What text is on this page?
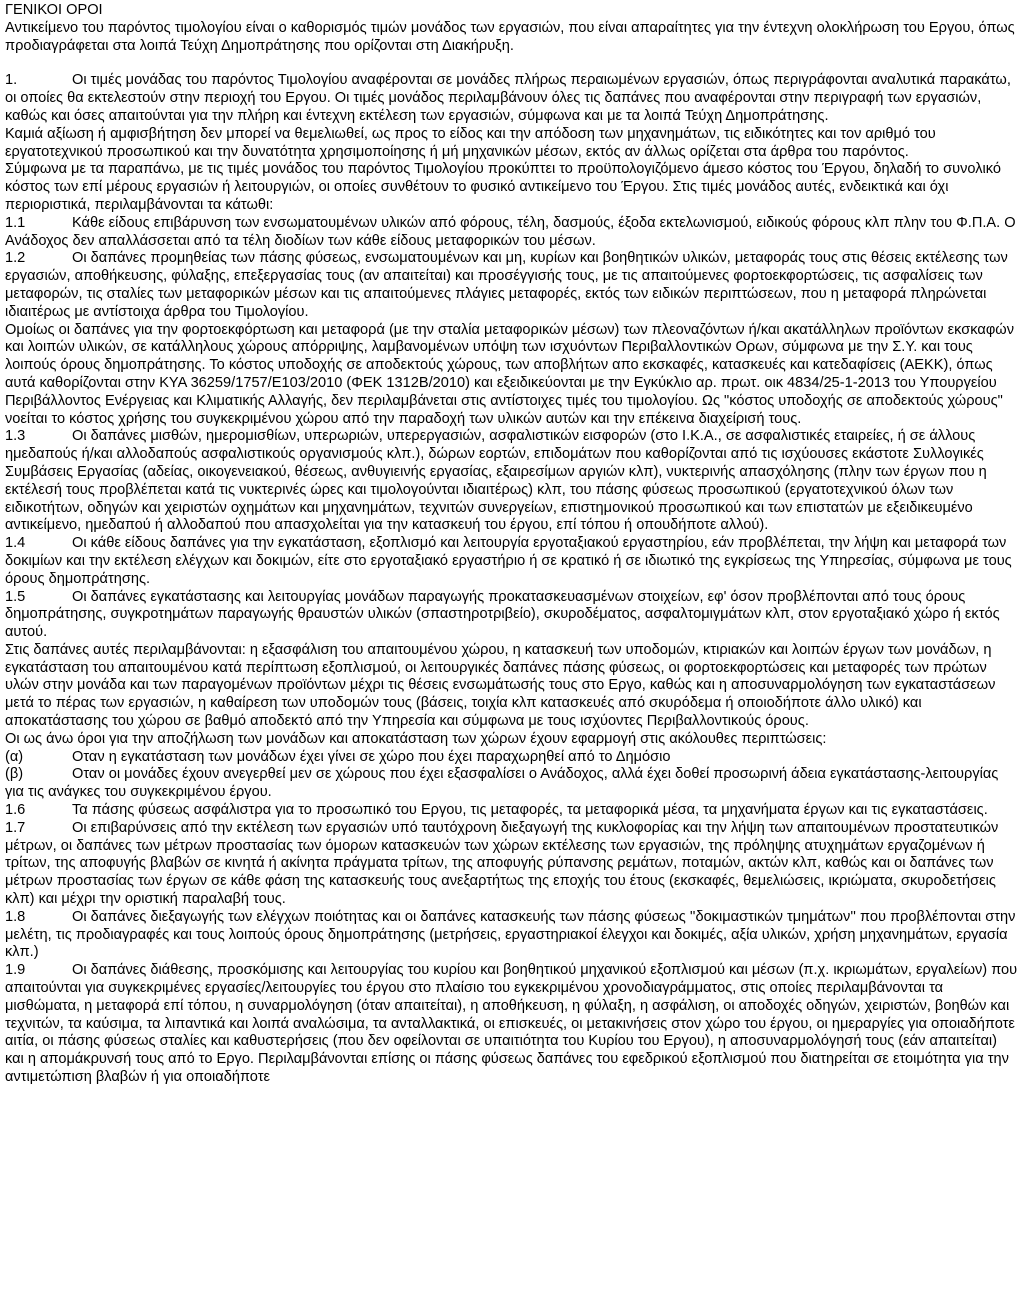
ΓΕΝΙΚΟΙ ΟΡΟΙ

Αντικείμενο του παρόντος τιμολογίου είναι ο καθορισμός τιμών μονάδος των εργασιών, που είναι απαραίτητες για την έντεχνη ολοκλήρωση του Εργου, όπως προδιαγράφεται στα λοιπά Τεύχη Δημοπράτησης που ορίζονται στη Διακήρυξη.

1.	Οι τιμές μονάδας του παρόντος Τιμολογίου αναφέρονται σε μονάδες πλήρως περαιωμένων εργασιών, όπως περιγράφονται αναλυτικά παρακάτω, οι οποίες θα εκτελεστούν στην περιοχή του Εργου. Οι τιμές μονάδος περιλαμβάνουν όλες τις δαπάνες που αναφέρονται στην περιγραφή των εργασιών, καθώς και όσες απαιτούνται για την πλήρη και έντεχνη εκτέλεση των εργασιών, σύμφωνα και με τα λοιπά Τεύχη Δημοπράτησης.

Καμιά αξίωση ή αμφισβήτηση δεν μπορεί να θεμελιωθεί, ως προς το είδος και την απόδοση των μηχανημάτων, τις ειδικότητες και τον αριθμό του εργατοτεχνικού προσωπικού και την δυνατότητα χρησιμοποίησης ή μή μηχανικών μέσων, εκτός αν άλλως ορίζεται στα άρθρα του παρόντος.

Σύμφωνα με τα παραπάνω, με τις τιμές μονάδος του παρόντος Τιμολογίου προκύπτει το προϋπολογιζόμενο άμεσο κόστος του Έργου, δηλαδή το συνολικό κόστος των επί μέρους εργασιών ή λειτουργιών, οι οποίες συνθέτουν το φυσικό αντικείμενο του Έργου. Στις τιμές μονάδος αυτές, ενδεικτικά και όχι περιοριστικά, περιλαμβάνονται τα κάτωθι:

1.1	Κάθε είδους επιβάρυνση των ενσωματουμένων υλικών από φόρους, τέλη, δασμούς, έξοδα εκτελωνισμού, ειδικούς φόρους κλπ πλην του Φ.Π.Α. Ο Ανάδοχος δεν απαλλάσσεται από τα τέλη διοδίων των κάθε είδους μεταφορικών του μέσων.

1.2	Οι δαπάνες προμηθείας των πάσης φύσεως, ενσωματουμένων και μη, κυρίων και βοηθητικών υλικών, μεταφοράς τους στις θέσεις εκτέλεσης των εργασιών, αποθήκευσης, φύλαξης, επεξεργασίας τους (αν απαιτείται) και προσέγγισής τους, με τις απαιτούμενες φορτοεκφορτώσεις, τις ασφαλίσεις των μεταφορών, τις σταλίες των μεταφορικών μέσων και τις απαιτούμενες πλάγιες μεταφορές, εκτός των ειδικών περιπτώσεων, που η μεταφορά πληρώνεται ιδιαιτέρως με αντίστοιχα άρθρα του Τιμολογίου.

Ομοίως οι δαπάνες για την φορτοεκφόρτωση και μεταφορά (με την σταλία μεταφορικών μέσων) των πλεοναζόντων ή/και ακατάλληλων προϊόντων εκσκαφών και λοιπών υλικών, σε κατάλληλους χώρους απόρριψης, λαμβανομένων υπόψη των ισχυόντων Περιβαλλοντικών Ορων, σύμφωνα με την Σ.Υ. και τους λοιπούς όρους δημοπράτησης. Το κόστος υποδοχής σε αποδεκτούς χώρους, των αποβλήτων απο εκσκαφές, κατασκευές και κατεδαφίσεις (ΑΕΚΚ), όπως αυτά καθορίζονται στην ΚΥΑ 36259/1757/Ε103/2010 (ΦΕΚ 1312Β/2010) και εξειδικεύονται με την Εγκύκλιο αρ. πρωτ. οικ 4834/25-1-2013 του Υπουργείου Περιβάλλοντος Ενέργειας και Κλιματικής Αλλαγής, δεν περιλαμβάνεται στις αντίστοιχες τιμές του τιμολογίου. Ως "κόστος υποδοχής σε αποδεκτούς χώρους" νοείται το κόστος χρήσης του συγκεκριμένου χώρου από την παραδοχή των υλικών αυτών και την επέκεινα διαχείρισή τους.

1.3	Οι δαπάνες μισθών, ημερομισθίων, υπερωριών, υπερεργασιών, ασφαλιστικών εισφορών (στο Ι.Κ.Α., σε ασφαλιστικές εταιρείες, ή σε άλλους ημεδαπούς ή/και αλλοδαπούς ασφαλιστικούς οργανισμούς κλπ.), δώρων εορτών, επιδομάτων που καθορίζονται από τις ισχύουσες εκάστοτε Συλλογικές Συμβάσεις Εργασίας (αδείας, οικογενειακού, θέσεως, ανθυγιεινής εργασίας, εξαιρεσίμων αργιών κλπ), νυκτερινής απασχόλησης (πλην των έργων που η εκτέλεσή τους προβλέπεται κατά τις νυκτερινές ώρες και τιμολογούνται ιδιαιτέρως) κλπ, του πάσης φύσεως προσωπικού (εργατοτεχνικού όλων των ειδικοτήτων, οδηγών και χειριστών οχημάτων και μηχανημάτων, τεχνιτών συνεργείων, επιστημονικού προσωπικού και των επιστατών με εξειδικευμένο αντικείμενο, ημεδαπού ή αλλοδαπού που απασχολείται για την κατασκευή του έργου, επί τόπου ή οπουδήποτε αλλού).

1.4	Οι κάθε είδους δαπάνες για την εγκατάσταση, εξοπλισμό και λειτουργία εργοταξιακού εργαστηρίου, εάν προβλέπεται, την λήψη και μεταφορά των δοκιμίων και την εκτέλεση ελέγχων και δοκιμών, είτε στο εργοταξιακό εργαστήριο ή σε κρατικό ή σε ιδιωτικό της εγκρίσεως της Υπηρεσίας, σύμφωνα με τους όρους δημοπράτησης.

1.5	Οι δαπάνες εγκατάστασης και λειτουργίας μονάδων παραγωγής προκατασκευασμένων στοιχείων, εφ' όσον προβλέπονται από τους όρους δημοπράτησης, συγκροτημάτων παραγωγής θραυστών υλικών (σπαστηροτριβείο), σκυροδέματος, ασφαλτομιγμάτων κλπ, στον εργοταξιακό χώρο ή εκτός αυτού.

Στις δαπάνες αυτές περιλαμβάνονται: η εξασφάλιση του απαιτουμένου χώρου, η κατασκευή των υποδομών, κτιριακών και λοιπών έργων των μονάδων, η εγκατάσταση του απαιτουμένου κατά περίπτωση εξοπλισμού, οι λειτουργικές δαπάνες πάσης φύσεως, οι φορτοεκφορτώσεις και μεταφορές των πρώτων υλών στην μονάδα και των παραγομένων προϊόντων μέχρι τις θέσεις ενσωμάτωσής τους στο Εργο, καθώς και η αποσυναρμολόγηση των εγκαταστάσεων μετά το πέρας των εργασιών, η καθαίρεση των υποδομών τους (βάσεις, τοιχία κλπ κατασκευές από σκυρόδεμα ή οποιοδήποτε άλλο υλικό) και αποκατάστασης του χώρου σε βαθμό αποδεκτό από την Υπηρεσία και σύμφωνα με τους ισχύοντες Περιβαλλοντικούς όρους.

Οι ως άνω όροι για την αποζήλωση των μονάδων και αποκατάσταση των χώρων έχουν εφαρμογή στις ακόλουθες περιπτώσεις:

(α)	Οταν η εγκατάσταση των μονάδων έχει γίνει σε χώρο που έχει παραχωρηθεί από το Δημόσιο

(β)	Οταν οι μονάδες έχουν ανεγερθεί μεν σε χώρους που έχει εξασφαλίσει ο Ανάδοχος, αλλά έχει δοθεί προσωρινή άδεια εγκατάστασης-λειτουργίας για τις ανάγκες του συγκεκριμένου έργου.

1.6	Τα πάσης φύσεως ασφάλιστρα για το προσωπικό του Εργου, τις μεταφορές, τα μεταφορικά μέσα, τα μηχανήματα έργων και τις εγκαταστάσεις.

1.7	Οι επιβαρύνσεις από την εκτέλεση των εργασιών υπό ταυτόχρονη διεξαγωγή της κυκλοφορίας και την λήψη των απαιτουμένων προστατευτικών μέτρων, οι δαπάνες των μέτρων προστασίας των όμορων κατασκευών των χώρων εκτέλεσης των εργασιών, της πρόληψης ατυχημάτων εργαζομένων ή τρίτων, της αποφυγής βλαβών σε κινητά ή ακίνητα πράγματα τρίτων, της αποφυγής ρύπανσης ρεμάτων, ποταμών, ακτών κλπ, καθώς και οι δαπάνες των μέτρων προστασίας των έργων σε κάθε φάση της κατασκευής τους ανεξαρτήτως της εποχής του έτους (εκσκαφές, θεμελιώσεις, ικριώματα, σκυροδετήσεις κλπ) και μέχρι την οριστική παραλαβή τους.

1.8	Οι δαπάνες διεξαγωγής των ελέγχων ποιότητας και οι δαπάνες κατασκευής των πάσης φύσεως ''δοκιμαστικών τμημάτων'' που προβλέπονται στην μελέτη, τις προδιαγραφές και τους λοιπούς όρους δημοπράτησης (μετρήσεις, εργαστηριακοί έλεγχοι και δοκιμές, αξία υλικών, χρήση μηχανημάτων, εργασία κλπ.)

1.9	Οι δαπάνες διάθεσης, προσκόμισης και λειτουργίας του κυρίου και βοηθητικού μηχανικού εξοπλισμού και μέσων (π.χ. ικριωμάτων, εργαλείων) που απαιτούνται για συγκεκριμένες εργασίες/λειτουργίες του έργου στο πλαίσιο του εγκεκριμένου χρονοδιαγράμματος, στις οποίες περιλαμβάνονται τα μισθώματα, η μεταφορά επί τόπου, η συναρμολόγηση (όταν απαιτείται), η αποθήκευση, η φύλαξη, η ασφάλιση, οι αποδοχές οδηγών, χειριστών, βοηθών και τεχνιτών, τα καύσιμα, τα λιπαντικά και λοιπά αναλώσιμα, τα ανταλλακτικά, οι επισκευές, οι μετακινήσεις στον χώρο του έργου, οι ημεραργίες για οποιαδήποτε αιτία, οι πάσης φύσεως σταλίες και καθυστερήσεις (που δεν οφείλονται σε υπαιτιότητα του Κυρίου του Εργου), η αποσυναρμολόγησή τους (εάν απαιτείται) και η απομάκρυνσή τους από το Εργο. Περιλαμβάνονται επίσης οι πάσης φύσεως δαπάνες του εφεδρικού εξοπλισμού που διατηρείται σε ετοιμότητα για την αντιμετώπιση βλαβών ή για οποιαδήποτε
